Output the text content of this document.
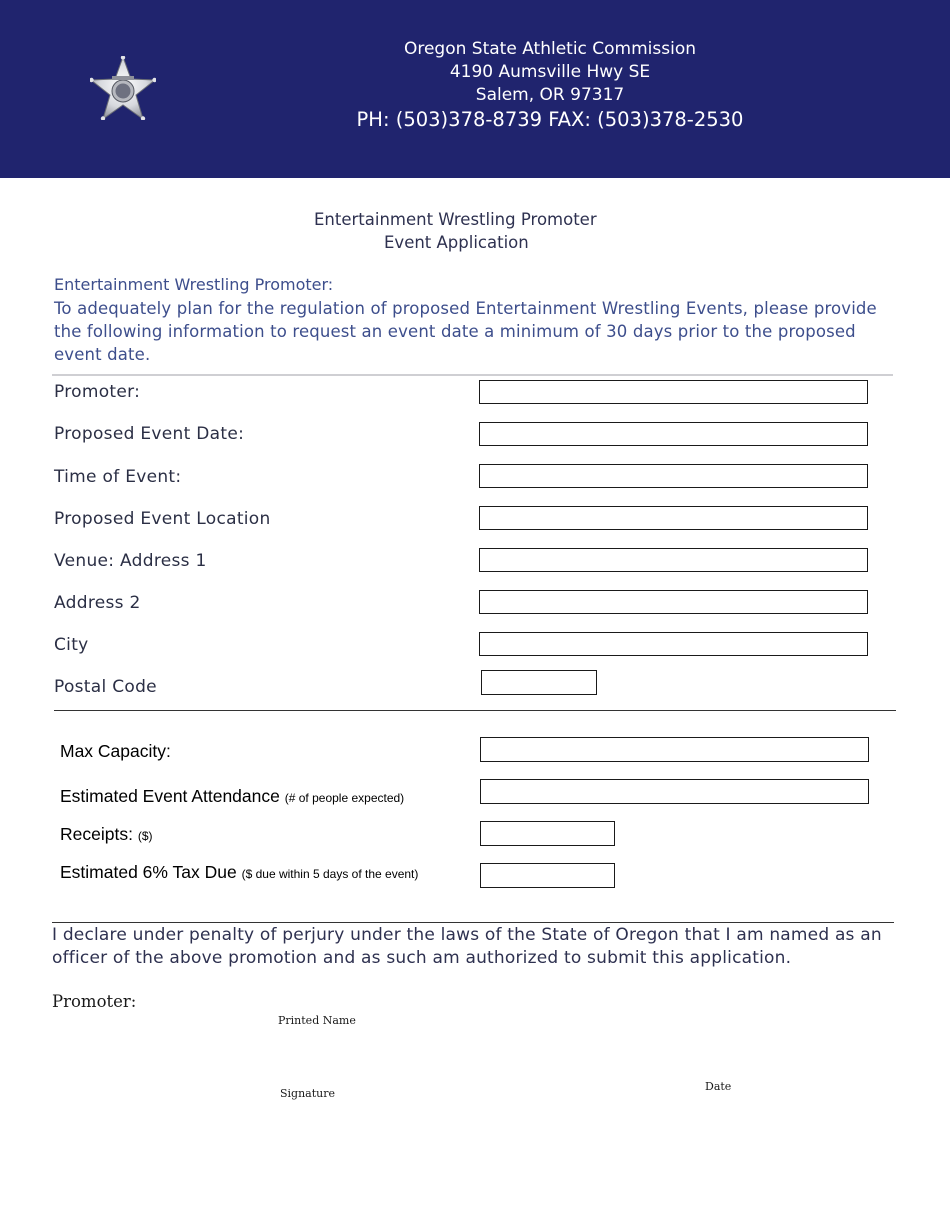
Oregon State Athletic Commission
4190 Aumsville Hwy SE
Salem, OR 97317
PH: (503)378-8739 FAX: (503)378-2530
Entertainment Wrestling Promoter
Event Application
Entertainment Wrestling Promoter:
To adequately plan for the regulation of proposed Entertainment Wrestling Events, please provide the following information to request an event date a minimum of 30 days prior to the proposed event date.
Promoter:
Proposed Event Date:
Time of Event:
Proposed Event Location
Venue: Address 1
Address 2
City
Postal Code
Max Capacity:
Estimated Event Attendance (# of people expected)
Receipts: ($)
Estimated 6% Tax Due ($ due within 5 days of the event)
I declare under penalty of perjury under the laws of the State of Oregon that I am named as an officer of the above promotion and as such am authorized to submit this application.
Promoter:
Printed Name
Signature
Date
